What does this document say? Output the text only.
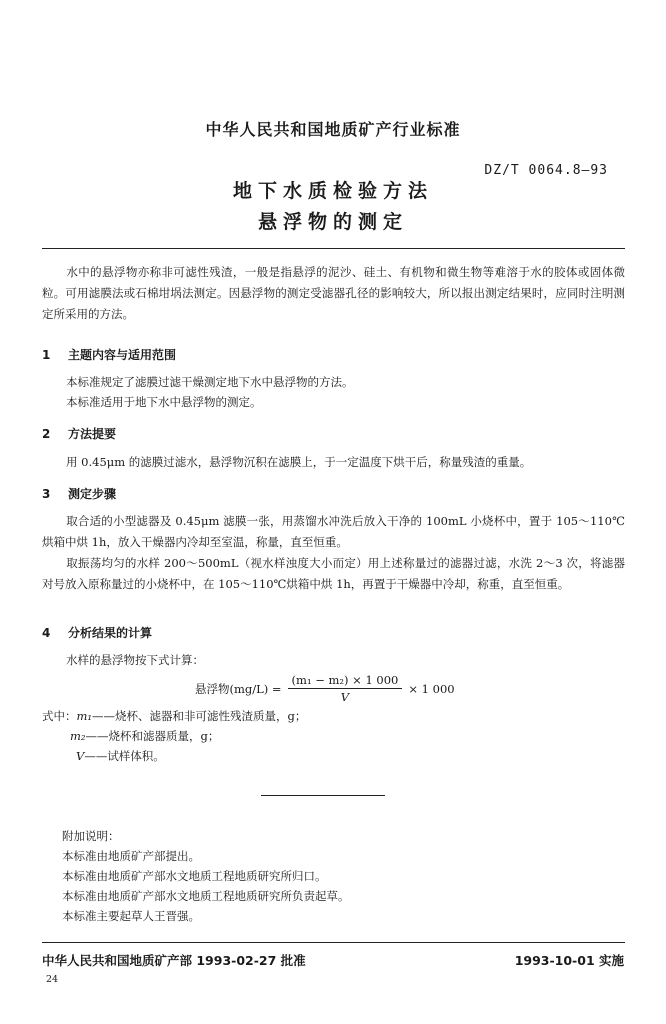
中华人民共和国地质矿产行业标准
DZ/T 0064.8—93
地下水质检验方法
悬浮物的测定
水中的悬浮物亦称非可滤性残渣，一般是指悬浮的泥沙、硅土、有机物和微生物等难溶于水的胶体或固体微粒。可用滤膜法或石棉坩埚法测定。因悬浮物的测定受滤器孔径的影响较大，所以报出测定结果时，应同时注明测定所采用的方法。
1 主题内容与适用范围
本标准规定了滤膜过滤干燥测定地下水中悬浮物的方法。
本标准适用于地下水中悬浮物的测定。
2 方法提要
用 0.45μm 的滤膜过滤水，悬浮物沉积在滤膜上，于一定温度下烘干后，称量残渣的重量。
3 测定步骤
取合适的小型滤器及 0.45μm 滤膜一张，用蒸馏水冲洗后放入干净的 100mL 小烧杯中，置于 105～110℃烘箱中烘 1h，放入干燥器内冷却至室温，称量，直至恒重。
取振荡均匀的水样 200～500mL（视水样浊度大小而定）用上述称量过的滤器过滤，水洗 2～3 次，将滤器对号放入原称量过的小烧杯中，在 105～110℃烘箱中烘 1h，再置于干燥器中冷却，称重，直至恒重。
4 分析结果的计算
水样的悬浮物按下式计算：
悬浮物$(mg/L) = \frac{\text{(m₁ − m₂) × 1 000}}{V} \times 1$ 000
式中：m₁——烧杯、滤器和非可滤性残渣质量，g；
m₂——烧杯和滤器质量，g；
V——试样体积。
附加说明：
本标准由地质矿产部提出。
本标准由地质矿产部水文地质工程地质研究所归口。
本标准由地质矿产部水文地质工程地质研究所负责起草。
本标准主要起草人王晋强。
中华人民共和国地质矿产部 1993-02-27 批准	1993-10-01 实施
24
